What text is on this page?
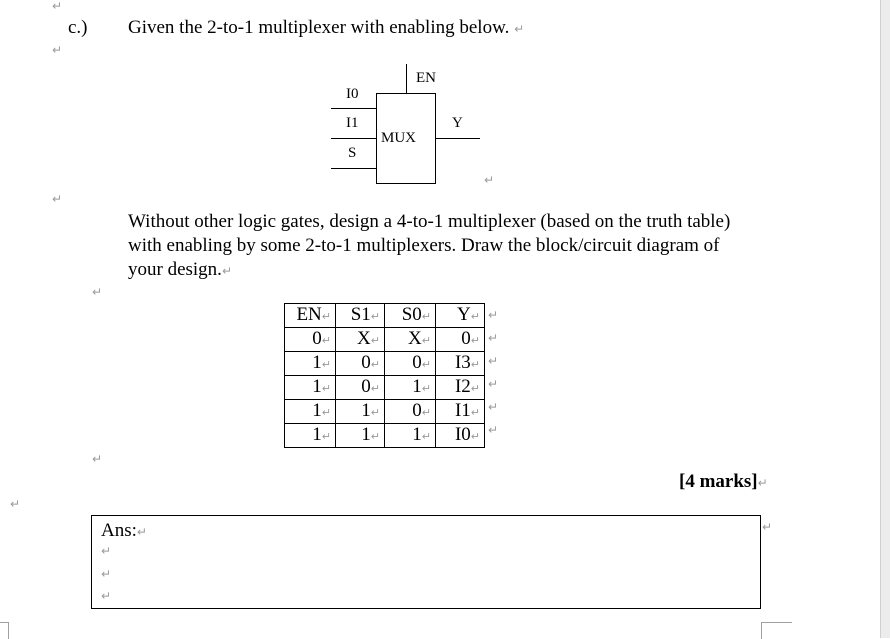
↵
↵
↵
↵
↵
↵
↵
c.) Given the 2-to-1 multiplexer with enabling below. ↵
EN
I0
I1
S
MUX
Y
Without other logic gates, design a 4-to-1 multiplexer (based on the truth table)
with enabling by some 2-to-1 multiplexers. Draw the block/circuit diagram of
your design.↵
EN↵	S1↵	S0↵	Y↵
0↵	X↵	X↵	0↵
1↵	0↵	0↵	I3↵
1↵	0↵	1↵	I2↵
1↵	1↵	0↵	I1↵
1↵	1↵	1↵	I0↵
↵
↵
↵
↵
↵
↵
[4 marks]↵
Ans:↵
↵
↵
↵
↵
